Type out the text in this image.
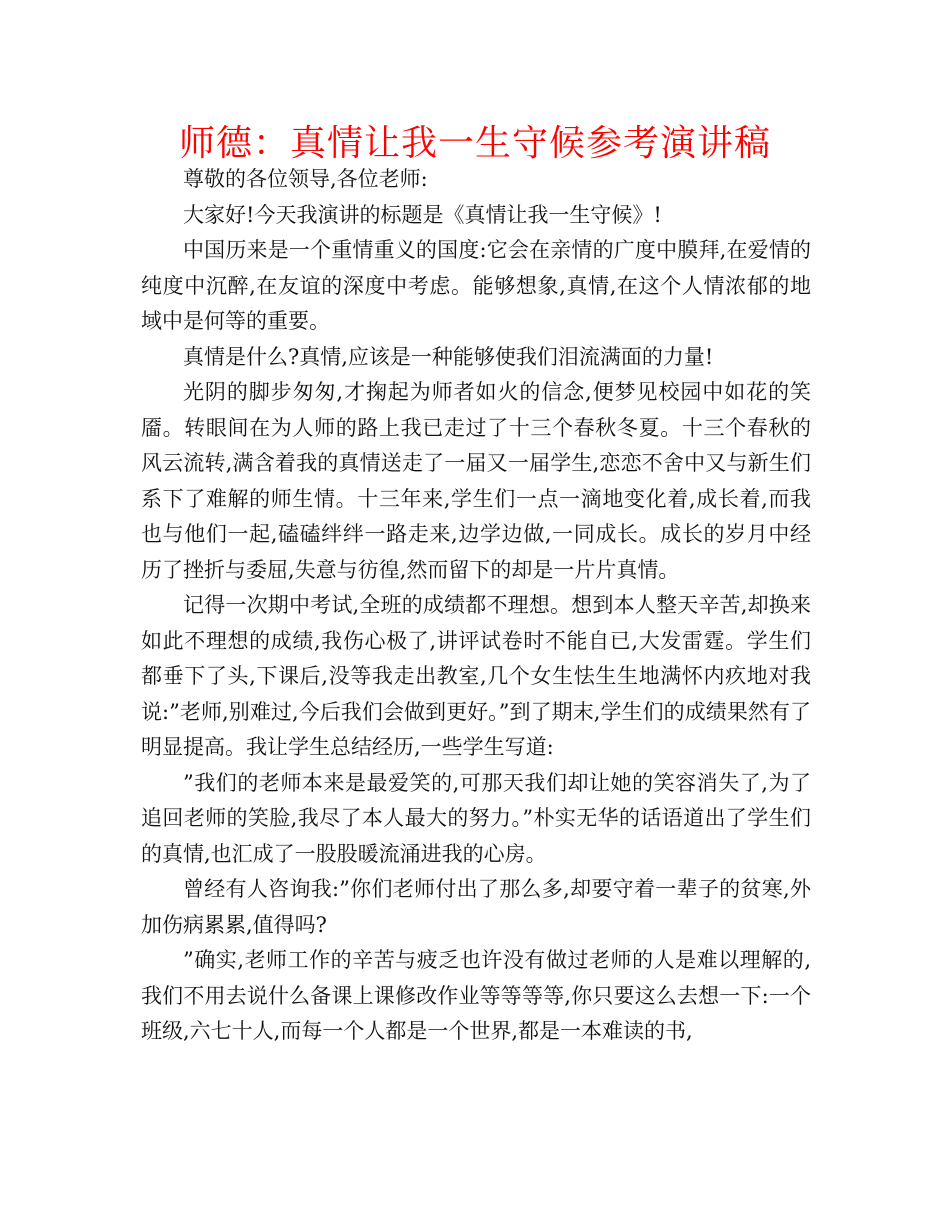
师德：真情让我一生守候参考演讲稿

尊敬的各位领导,各位老师:

大家好!今天我演讲的标题是《真情让我一生守候》!

中国历来是一个重情重义的国度:它会在亲情的广度中膜拜,在爱情的纯度中沉醉,在友谊的深度中考虑。能够想象,真情,在这个人情浓郁的地域中是何等的重要。

真情是什么?真情,应该是一种能够使我们泪流满面的力量!

光阴的脚步匆匆,才掬起为师者如火的信念,便梦见校园中如花的笑靥。转眼间在为人师的路上我已走过了十三个春秋冬夏。十三个春秋的风云流转,满含着我的真情送走了一届又一届学生,恋恋不舍中又与新生们系下了难解的师生情。十三年来,学生们一点一滴地变化着,成长着,而我也与他们一起,磕磕绊绊一路走来,边学边做,一同成长。成长的岁月中经历了挫折与委屈,失意与彷徨,然而留下的却是一片片真情。

记得一次期中考试,全班的成绩都不理想。想到本人整天辛苦,却换来如此不理想的成绩,我伤心极了,讲评试卷时不能自已,大发雷霆。学生们都垂下了头,下课后,没等我走出教室,几个女生怯生生地满怀内疚地对我说:”老师,别难过,今后我们会做到更好。”到了期末,学生们的成绩果然有了明显提高。我让学生总结经历,一些学生写道:

”我们的老师本来是最爱笑的,可那天我们却让她的笑容消失了,为了追回老师的笑脸,我尽了本人最大的努力。”朴实无华的话语道出了学生们的真情,也汇成了一股股暖流涌进我的心房。

曾经有人咨询我:”你们老师付出了那么多,却要守着一辈子的贫寒,外加伤病累累,值得吗?

”确实,老师工作的辛苦与疲乏也许没有做过老师的人是难以理解的,我们不用去说什么备课上课修改作业等等等等,你只要这么去想一下:一个班级,六七十人,而每一个人都是一个世界,都是一本难读的书,
